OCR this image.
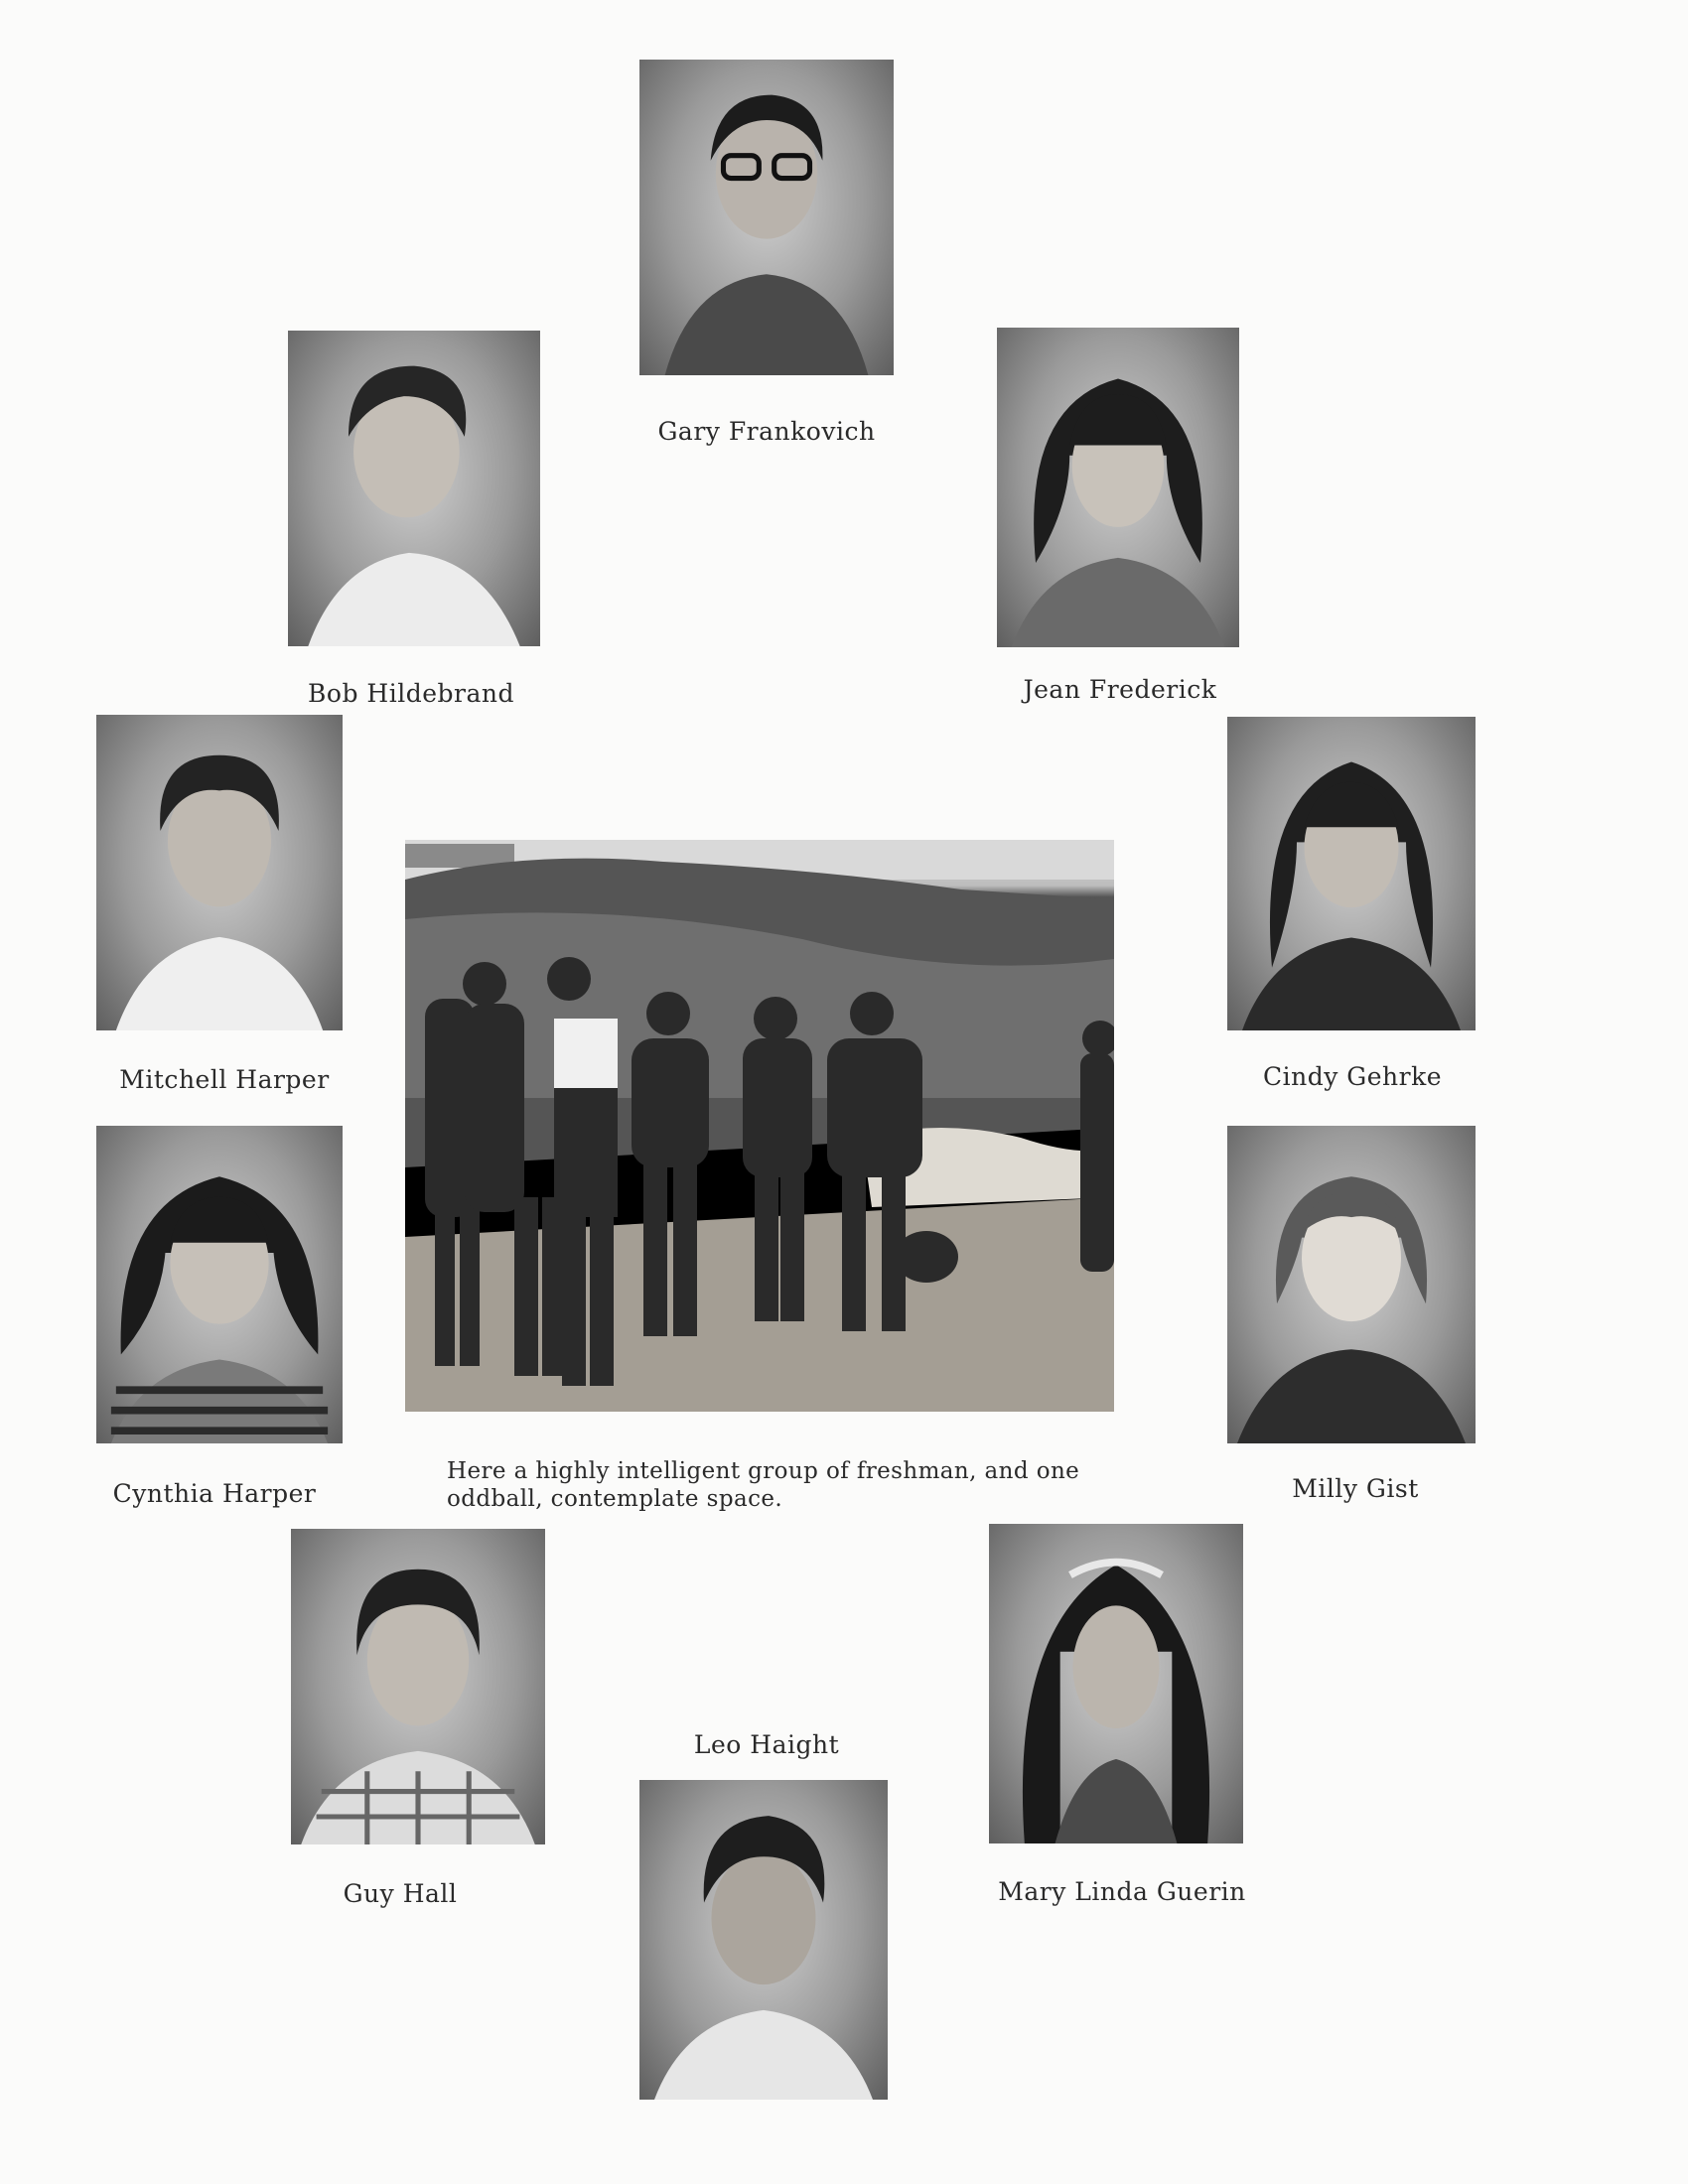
Gary Frankovich
Bob Hildebrand	Jean Frederick
Mitchell Harper	Cindy Gehrke
Cynthia Harper	Milly Gist
Guy Hall	Mary Linda Guerin
Leo Haight
Here a highly intelligent group of freshman, and one
oddball, contemplate space.
